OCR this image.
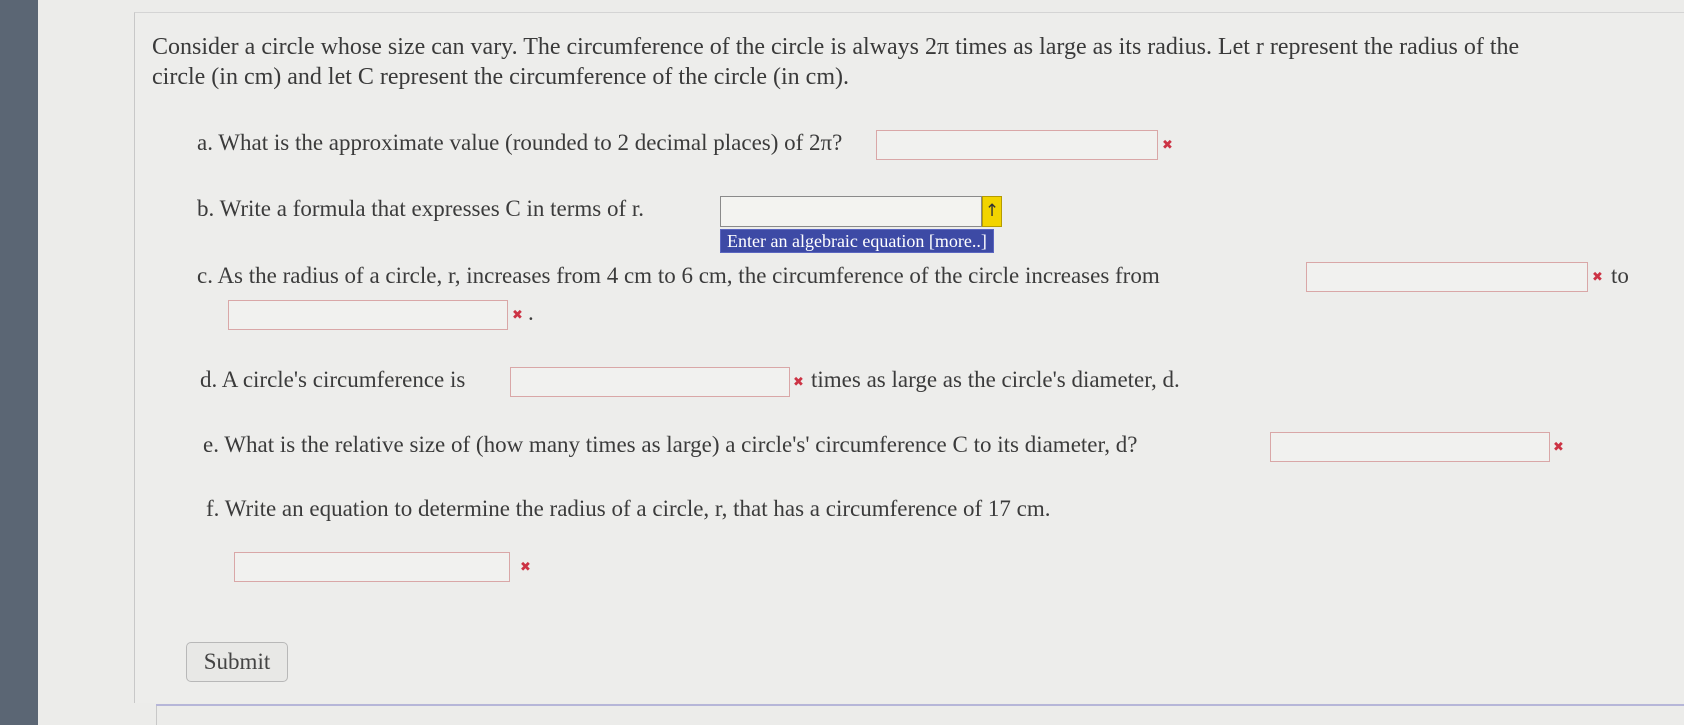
Consider a circle whose size can vary. The circumference of the circle is always 2π times as large as its radius. Let r represent the radius of the
circle (in cm) and let C represent the circumference of the circle (in cm).
a. What is the approximate value (rounded to 2 decimal places) of 2π?	✖
b. Write a formula that expresses C in terms of r.	↑
Enter an algebraic equation [more..]
c. As the radius of a circle, r, increases from 4 cm to 6 cm, the circumference of the circle increases from	✖ to
✖ .
d. A circle's circumference is	✖ times as large as the circle's diameter, d.
e. What is the relative size of (how many times as large) a circle's' circumference C to its diameter, d?	✖
f. Write an equation to determine the radius of a circle, r, that has a circumference of 17 cm.
✖
Submit
